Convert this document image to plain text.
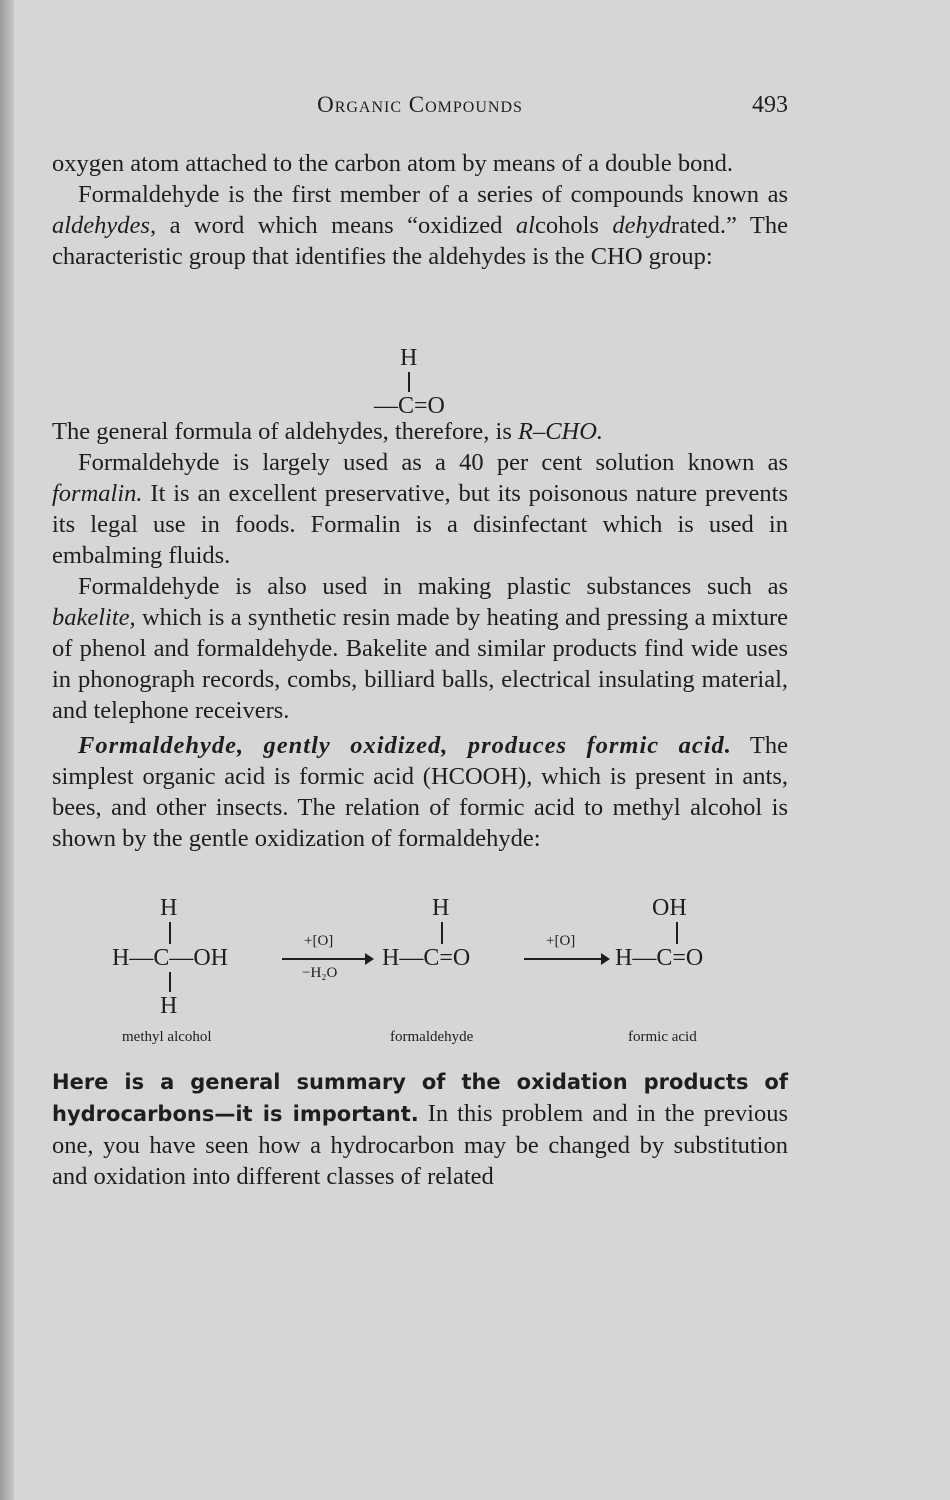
Organic Compounds	493

oxygen atom attached to the carbon atom by means of a double bond.

Formaldehyde is the first member of a series of compounds known as aldehydes, a word which means “oxidized alcohols dehydrated.” The characteristic group that identifies the aldehydes is the CHO group:

H
—C=O

The general formula of aldehydes, therefore, is R–CHO.

Formaldehyde is largely used as a 40 per cent solution known as formalin. It is an excellent preservative, but its poisonous nature prevents its legal use in foods. Formalin is a disinfectant which is used in embalming fluids.

Formaldehyde is also used in making plastic substances such as bakelite, which is a synthetic resin made by heating and pressing a mixture of phenol and formaldehyde. Bakelite and similar products find wide uses in phonograph records, combs, billiard balls, electrical insulating material, and telephone receivers.

Formaldehyde, gently oxidized, produces formic acid. The simplest organic acid is formic acid (HCOOH), which is present in ants, bees, and other insects. The relation of formic acid to methyl alcohol is shown by the gentle oxidization of formaldehyde:

H
H—C—OH
H
+[O]
−H₂O
H
H—C=O
+[O]
OH
H—C=O
methyl alcohol	formaldehyde	formic acid

Here is a general summary of the oxidation products of hydrocarbons—it is important. In this problem and in the previous one, you have seen how a hydrocarbon may be changed by substitution and oxidation into different classes of related
